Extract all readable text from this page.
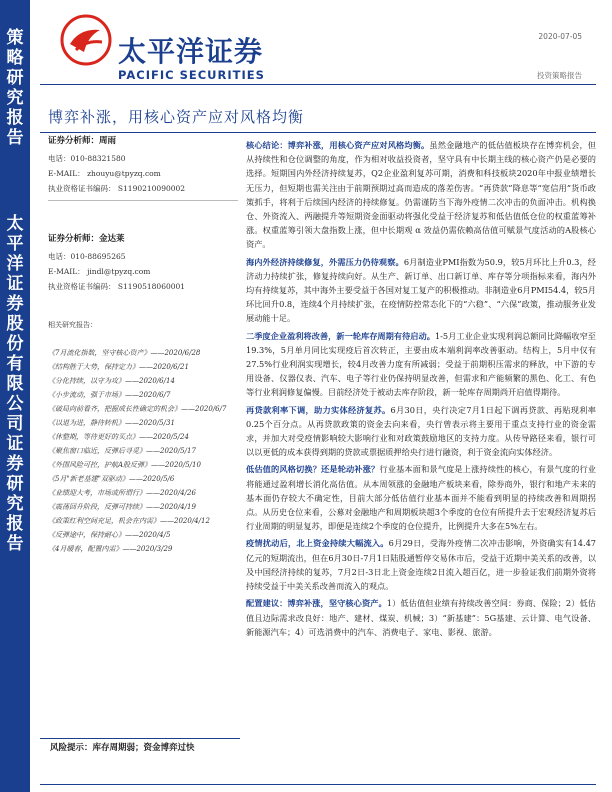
策
略
研
究
报
告
太
平
洋
证
券
股
份
有
限
公
司
证
券
研
究
报
告
太平洋证券
PACIFIC SECURITIES
2020-07-05
投资策略报告
博弈补涨，用核心资产应对风格均衡
证券分析师：周雨
电话：010-88321580
E-MAIL： zhouyu@tpyzq.com
执业资格证书编码： S1190210090002
证券分析师：金达莱
电话：010-88695265
E-MAIL： jindl@tpyzq.com
执业资格证书编码： S1190518060001
相关研究报告：
《7月流化指数，坚守核心资产》——2020/6/28
《结构胜于大势，保持定力》——2020/6/21
《分化持续，以守为攻》——2020/6/14
《小步流动，强于市场》——2020/6/7
《破局向前看齐，把握成长性确定的机会》——2020/6/7
《以退为进，静待转机》——2020/5/31
《休整期，等待更好的买点》——2020/5/24
《聚焦窗口临近，反弹后寻觅》——2020/5/17
《外围风险可控，护航A股反弹》——2020/5/10
《5月"新老基建"双驱动》——2020/5/6
《业绩迎大考，市场或所谓行》——2020/4/26
《震荡回升阶段，反弹可持续》——2020/4/19
《政策红利空间充足，机会在内需》——2020/4/12
《反弹途中，保持耐心》——2020/4/5
《4月暖春，配置内需》——2020/3/29

核心结论：博弈补涨，用核心资产应对风格均衡。虽然金融地产的低估值板块存在博弈机会，但从持续性和仓位调整的角度，作为相对收益投资者，坚守具有中长期主线的核心资产仍是必要的选择。短期国内外经济持续复苏，Q2企业盈利复苏可期，消费和科技板块2020年中报业绩增长无压力，但短期也需关注由于前期预期过高而造成的落差伤害。“再贷款”降息等“宽信用”货币政策抓手，将利于后续国内经济的持续修复。仍需谨防当下海外疫情二次冲击的负面冲击。机构换仓、外资流入、两融提升等短期资金面驱动将强化受益于经济复苏和低估值低仓位的权重蓝筹补涨。权重蓝筹引领大盘指数上涨，但中长期观 α 效益仍需依赖高估值可赋景气度活动的A股核心资产。

海内外经济持续修复，外需压力仍待观察。6月制造业PMI指数为50.9，较5月环比上升0.3，经济动力持续扩张，修复持续向好。从生产、新订单、出口新订单、库存等分项指标来看，海内外均有持续复苏，其中海外主要受益于各国对复工复产的积极推动。非制造业6月PMI54.4，较5月环比回升0.8，连续4个月持续扩张，在疫情防控常态化下的“六稳”、“六保”政策，推动服务业发展动能十足。

二季度企业盈利将改善，新一轮库存周期有待启动。1-5月工业企业实现利润总额同比降幅收窄至19.3%，5月单月同比实现疫后首次转正，主要由成本端利润率改善驱动。结构上，5月中仅有27.5%行业利润实现增长，较4月改善力度有所减弱；受益于前期积压需求的释放，中下游的专用设备、仪器仪表、汽车、电子等行业仍保持明显改善，但需求和产能频繁的黑色、化工、有色等行业利润修复偏慢。目前经济处于被动去库存阶段，新一轮库存周期尚开启值得期待。

再贷款利率下调，助力实体经济复苏。6月30日，央行决定7月1日起下调再贷款、再贴现利率0.25个百分点。从再贷款政策的资金去向来看，央行曾表示将主要用于重点支持行业的资金需求，并加大对受疫情影响较大影响行业和对政策鼓励地区的支持力度。从传导路径来看，银行可以以更低的成本获得到期的贷款或票据质押给央行进行融资，利于资金流向实体经济。

低估值的风格切换？还是轮动补涨？行业基本面和景气度是上涨持续性的核心，有景气度的行业将能通过盈利增长消化高估值。从本周领涨的金融地产板块来看，除券商外，银行和地产未来的基本面仍存较大不确定性，目前大部分低估值行业基本面并不能看到明显的持续改善和周期拐点。从历史仓位来看，公募对金融地产和周期板块超3个季度的仓位有所提升去于宏观经济复苏后行业周期的明显复苏，即便是连续2个季度的仓位提升，比例提升大多在5%左右。

疫情扰动后，北上资金持续大幅流入。6月29日，受海外疫情二次冲击影响，外资确实有14.47亿元的短期流出，但在6月30日-7月1日陆股通暂停交易休市后，受益于近期中美关系的改善，以及中国经济持续的复苏，7月2日-3日北上资金连续2日流入超百亿，进一步验证我们前期外资将持续受益于中美关系改善而流入的观点。

配置建议：博弈补涨，坚守核心资产。1）低估值但业绩有持续改善空间：券商、保险；2）低估值且边际需求改良好：地产、建材、煤炭、机械；3）“新基建”：5G基建、云计算、电气设备、新能源汽车；4）可选消费中的汽车、消费电子、家电、影视、旅游。

风险提示：库存周期弱；资金博弈过快
